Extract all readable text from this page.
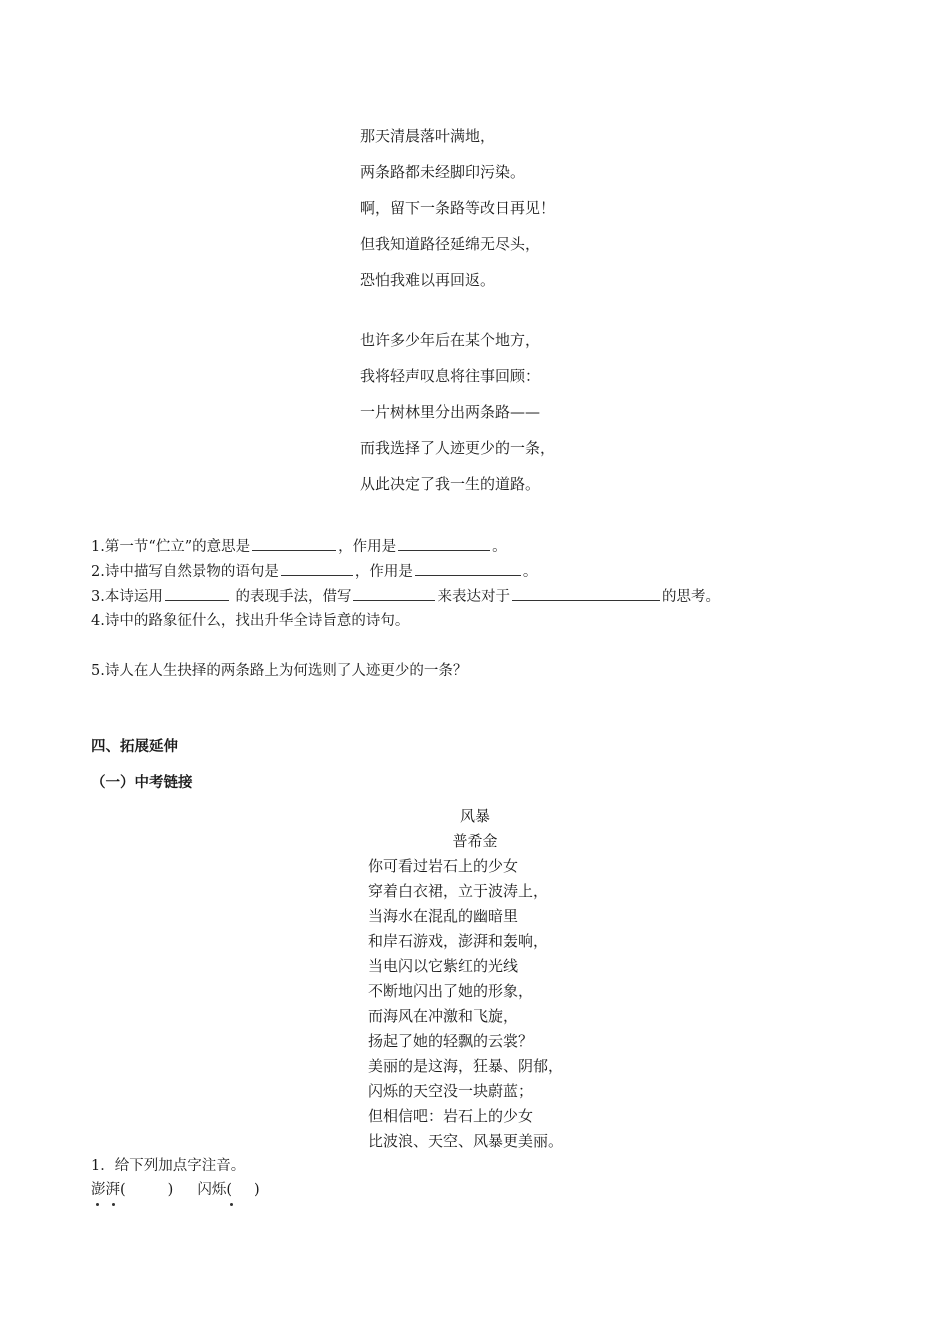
那天清晨落叶满地，
两条路都未经脚印污染。
啊，留下一条路等改日再见！
但我知道路径延绵无尽头，
恐怕我难以再回返。
也许多少年后在某个地方，
我将轻声叹息将往事回顾：
一片树林里分出两条路——
而我选择了人迹更少的一条，
从此决定了我一生的道路。
1.第一节“伫立”的意思是	，作用是	。
2.诗中描写自然景物的语句是	，作用是	。
3.本诗运用	的表现手法，借写	来表达对于	的思考。
4.诗中的路象征什么，找出升华全诗旨意的诗句。
5.诗人在人生抉择的两条路上为何选则了人迹更少的一条？
四、拓展延伸
（一）中考链接
风暴
普希金
你可看过岩石上的少女
穿着白衣裙，立于波涛上，
当海水在混乱的幽暗里
和岸石游戏，澎湃和轰响，
当电闪以它紫红的光线
不断地闪出了她的形象，
而海风在冲激和飞旋，
扬起了她的轻飘的云裳？
美丽的是这海，狂暴、阴郁，
闪烁的天空没一块蔚蓝；
但相信吧：岩石上的少女
比波浪、天空、风暴更美丽。
1．给下列加点字注音。
澎湃(	) 闪烁( )
